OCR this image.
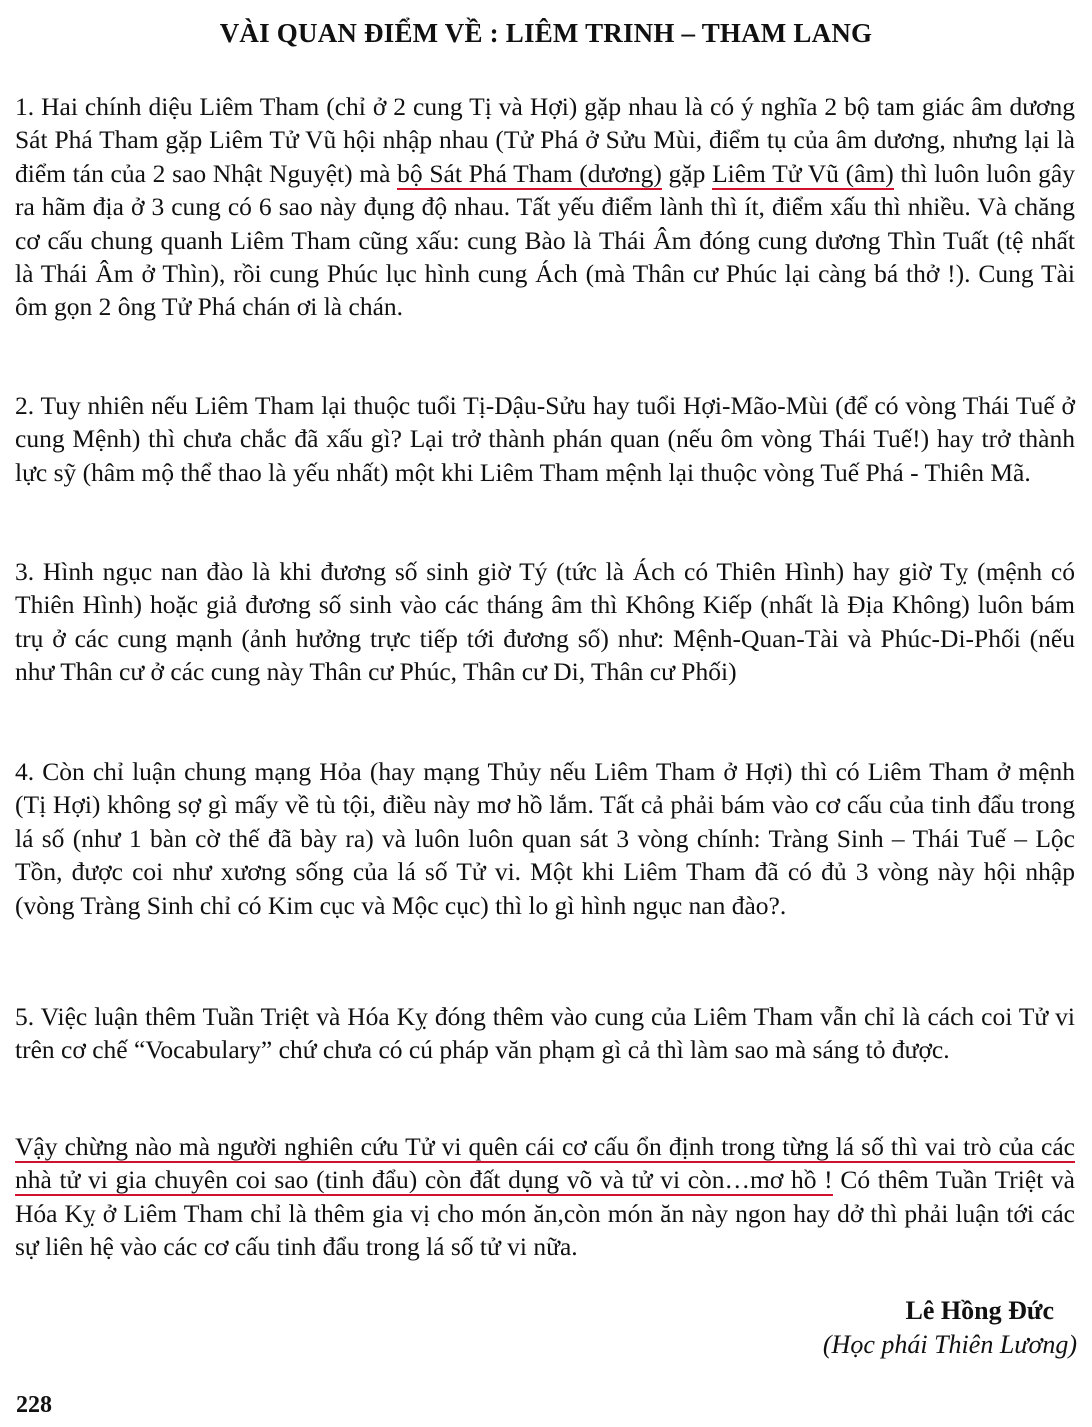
VÀI QUAN ĐIỂM VỀ : LIÊM TRINH – THAM LANG

1. Hai chính diệu Liêm Tham (chỉ ở 2 cung Tị và Hợi) gặp nhau là có ý nghĩa 2 bộ tam giác âm dương Sát Phá Tham gặp Liêm Tử Vũ hội nhập nhau (Tử Phá ở Sửu Mùi, điểm tụ của âm dương, nhưng lại là điểm tán của 2 sao Nhật Nguyệt) mà bộ Sát Phá Tham (dương) gặp Liêm Tử Vũ (âm) thì luôn luôn gây ra hãm địa ở 3 cung có 6 sao này đụng độ nhau. Tất yếu điểm lành thì ít, điểm xấu thì nhiều. Và chăng cơ cấu chung quanh Liêm Tham cũng xấu: cung Bào là Thái Âm đóng cung dương Thìn Tuất (tệ nhất là Thái Âm ở Thìn), rồi cung Phúc lục hình cung Ách (mà Thân cư Phúc lại càng bá thở !). Cung Tài ôm gọn 2 ông Tử Phá chán ơi là chán.

2. Tuy nhiên nếu Liêm Tham lại thuộc tuổi Tị-Dậu-Sửu hay tuổi Hợi-Mão-Mùi (để có vòng Thái Tuế ở cung Mệnh) thì chưa chắc đã xấu gì? Lại trở thành phán quan (nếu ôm vòng Thái Tuế!) hay trở thành lực sỹ (hâm mộ thể thao là yếu nhất) một khi Liêm Tham mệnh lại thuộc vòng Tuế Phá - Thiên Mã.

3. Hình ngục nan đào là khi đương số sinh giờ Tý (tức là Ách có Thiên Hình) hay giờ Tỵ (mệnh có Thiên Hình) hoặc giả đương số sinh vào các tháng âm thì Không Kiếp (nhất là Địa Không) luôn bám trụ ở các cung mạnh (ảnh hưởng trực tiếp tới đương số) như: Mệnh-Quan-Tài và Phúc-Di-Phối (nếu như Thân cư ở các cung này Thân cư Phúc, Thân cư Di, Thân cư Phối)

4. Còn chỉ luận chung mạng Hỏa (hay mạng Thủy nếu Liêm Tham ở Hợi) thì có Liêm Tham ở mệnh (Tị Hợi) không sợ gì mấy về tù tội, điều này mơ hồ lắm. Tất cả phải bám vào cơ cấu của tinh đẩu trong lá số (như 1 bàn cờ thế đã bày ra) và luôn luôn quan sát 3 vòng chính: Tràng Sinh – Thái Tuế – Lộc Tồn, được coi như xương sống của lá số Tử vi. Một khi Liêm Tham đã có đủ 3 vòng này hội nhập (vòng Tràng Sinh chỉ có Kim cục và Mộc cục) thì lo gì hình ngục nan đào?.

5. Việc luận thêm Tuần Triệt và Hóa Kỵ đóng thêm vào cung của Liêm Tham vẫn chỉ là cách coi Tử vi trên cơ chế “Vocabulary” chứ chưa có cú pháp văn phạm gì cả thì làm sao mà sáng tỏ được.

Vậy chừng nào mà người nghiên cứu Tử vi quên cái cơ cấu ổn định trong từng lá số thì vai trò của các nhà tử vi gia chuyên coi sao (tinh đẩu) còn đất dụng võ và tử vi còn…mơ hồ ! Có thêm Tuần Triệt và Hóa Kỵ ở Liêm Tham chỉ là thêm gia vị cho món ăn,còn món ăn này ngon hay dở thì phải luận tới các sự liên hệ vào các cơ cấu tinh đẩu trong lá số tử vi nữa.

Lê Hồng Đức
(Học phái Thiên Lương)
228
